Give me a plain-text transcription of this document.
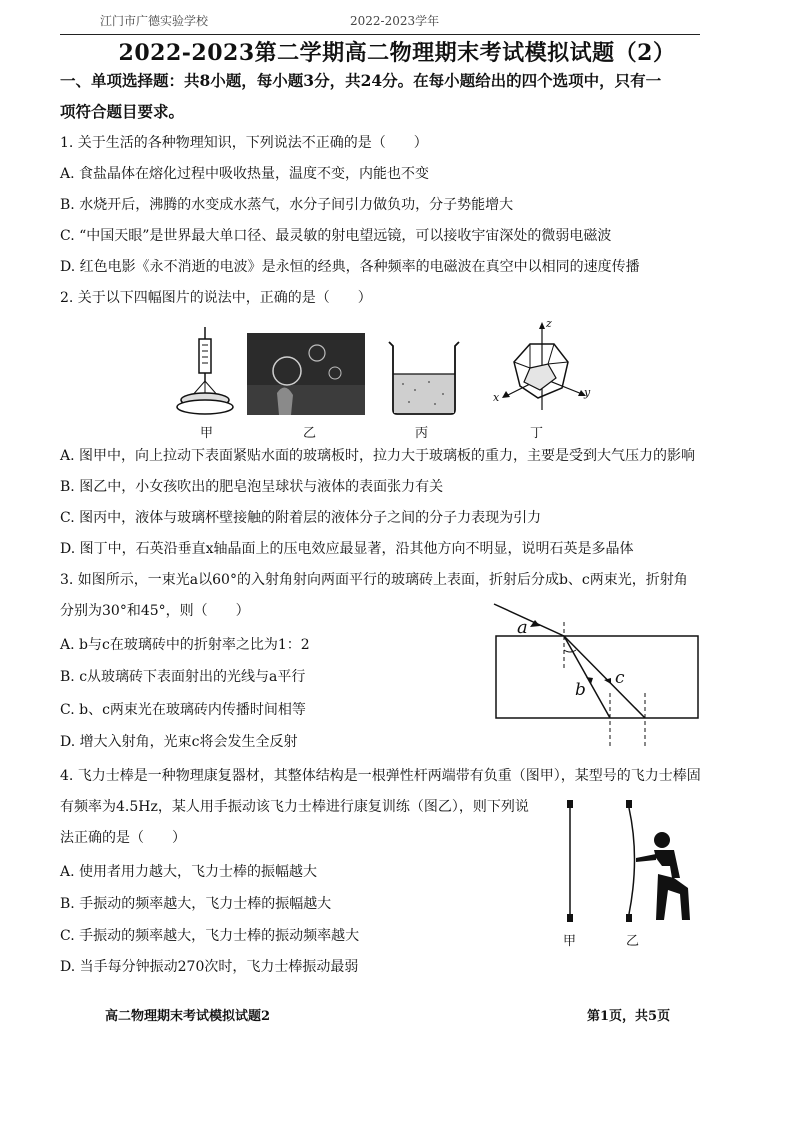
江门市广德实验学校	2022-2023学年
2022-2023第二学期高二物理期末考试模拟试题（2）
一、单项选择题：共8小题，每小题3分，共24分。在每小题给出的四个选项中，只有一
项符合题目要求。
1. 关于生活的各种物理知识，下列说法不正确的是（　　）
A. 食盐晶体在熔化过程中吸收热量，温度不变，内能也不变
B. 水烧开后，沸腾的水变成水蒸气，水分子间引力做负功，分子势能增大
C. “中国天眼”是世界最大单口径、最灵敏的射电望远镜，可以接收宇宙深处的微弱电磁波
D. 红色电影《永不消逝的电波》是永恒的经典，各种频率的电磁波在真空中以相同的速度传播
2. 关于以下四幅图片的说法中，正确的是（　　）
甲	乙	丙
z
x	y
丁
A. 图甲中，向上拉动下表面紧贴水面的玻璃板时，拉力大于玻璃板的重力，主要是受到大气压力的影响
B. 图乙中，小女孩吹出的肥皂泡呈球状与液体的表面张力有关
C. 图丙中，液体与玻璃杯壁接触的附着层的液体分子之间的分子力表现为引力
D. 图丁中，石英沿垂直x轴晶面上的压电效应最显著，沿其他方向不明显，说明石英是多晶体
3. 如图所示，一束光a以60°的入射角射向两面平行的玻璃砖上表面，折射后分成b、c两束光，折射角
分别为30°和45°，则（　　）
A. b与c在玻璃砖中的折射率之比为1：2
B. c从玻璃砖下表面射出的光线与a平行
C. b、c两束光在玻璃砖内传播时间相等
D. 增大入射角，光束c将会发生全反射
a
b
c
4. 飞力士棒是一种物理康复器材，其整体结构是一根弹性杆两端带有负重（图甲），某型号的飞力士棒固
有频率为4.5Hz，某人用手振动该飞力士棒进行康复训练（图乙），则下列说
法正确的是（　　）
A. 使用者用力越大，飞力士棒的振幅越大
B. 手振动的频率越大，飞力士棒的振幅越大
C. 手振动的频率越大，飞力士棒的振动频率越大
D. 当手每分钟振动270次时，飞力士棒振动最弱
甲	乙
高二物理期末考试模拟试题2	第1页，共5页
